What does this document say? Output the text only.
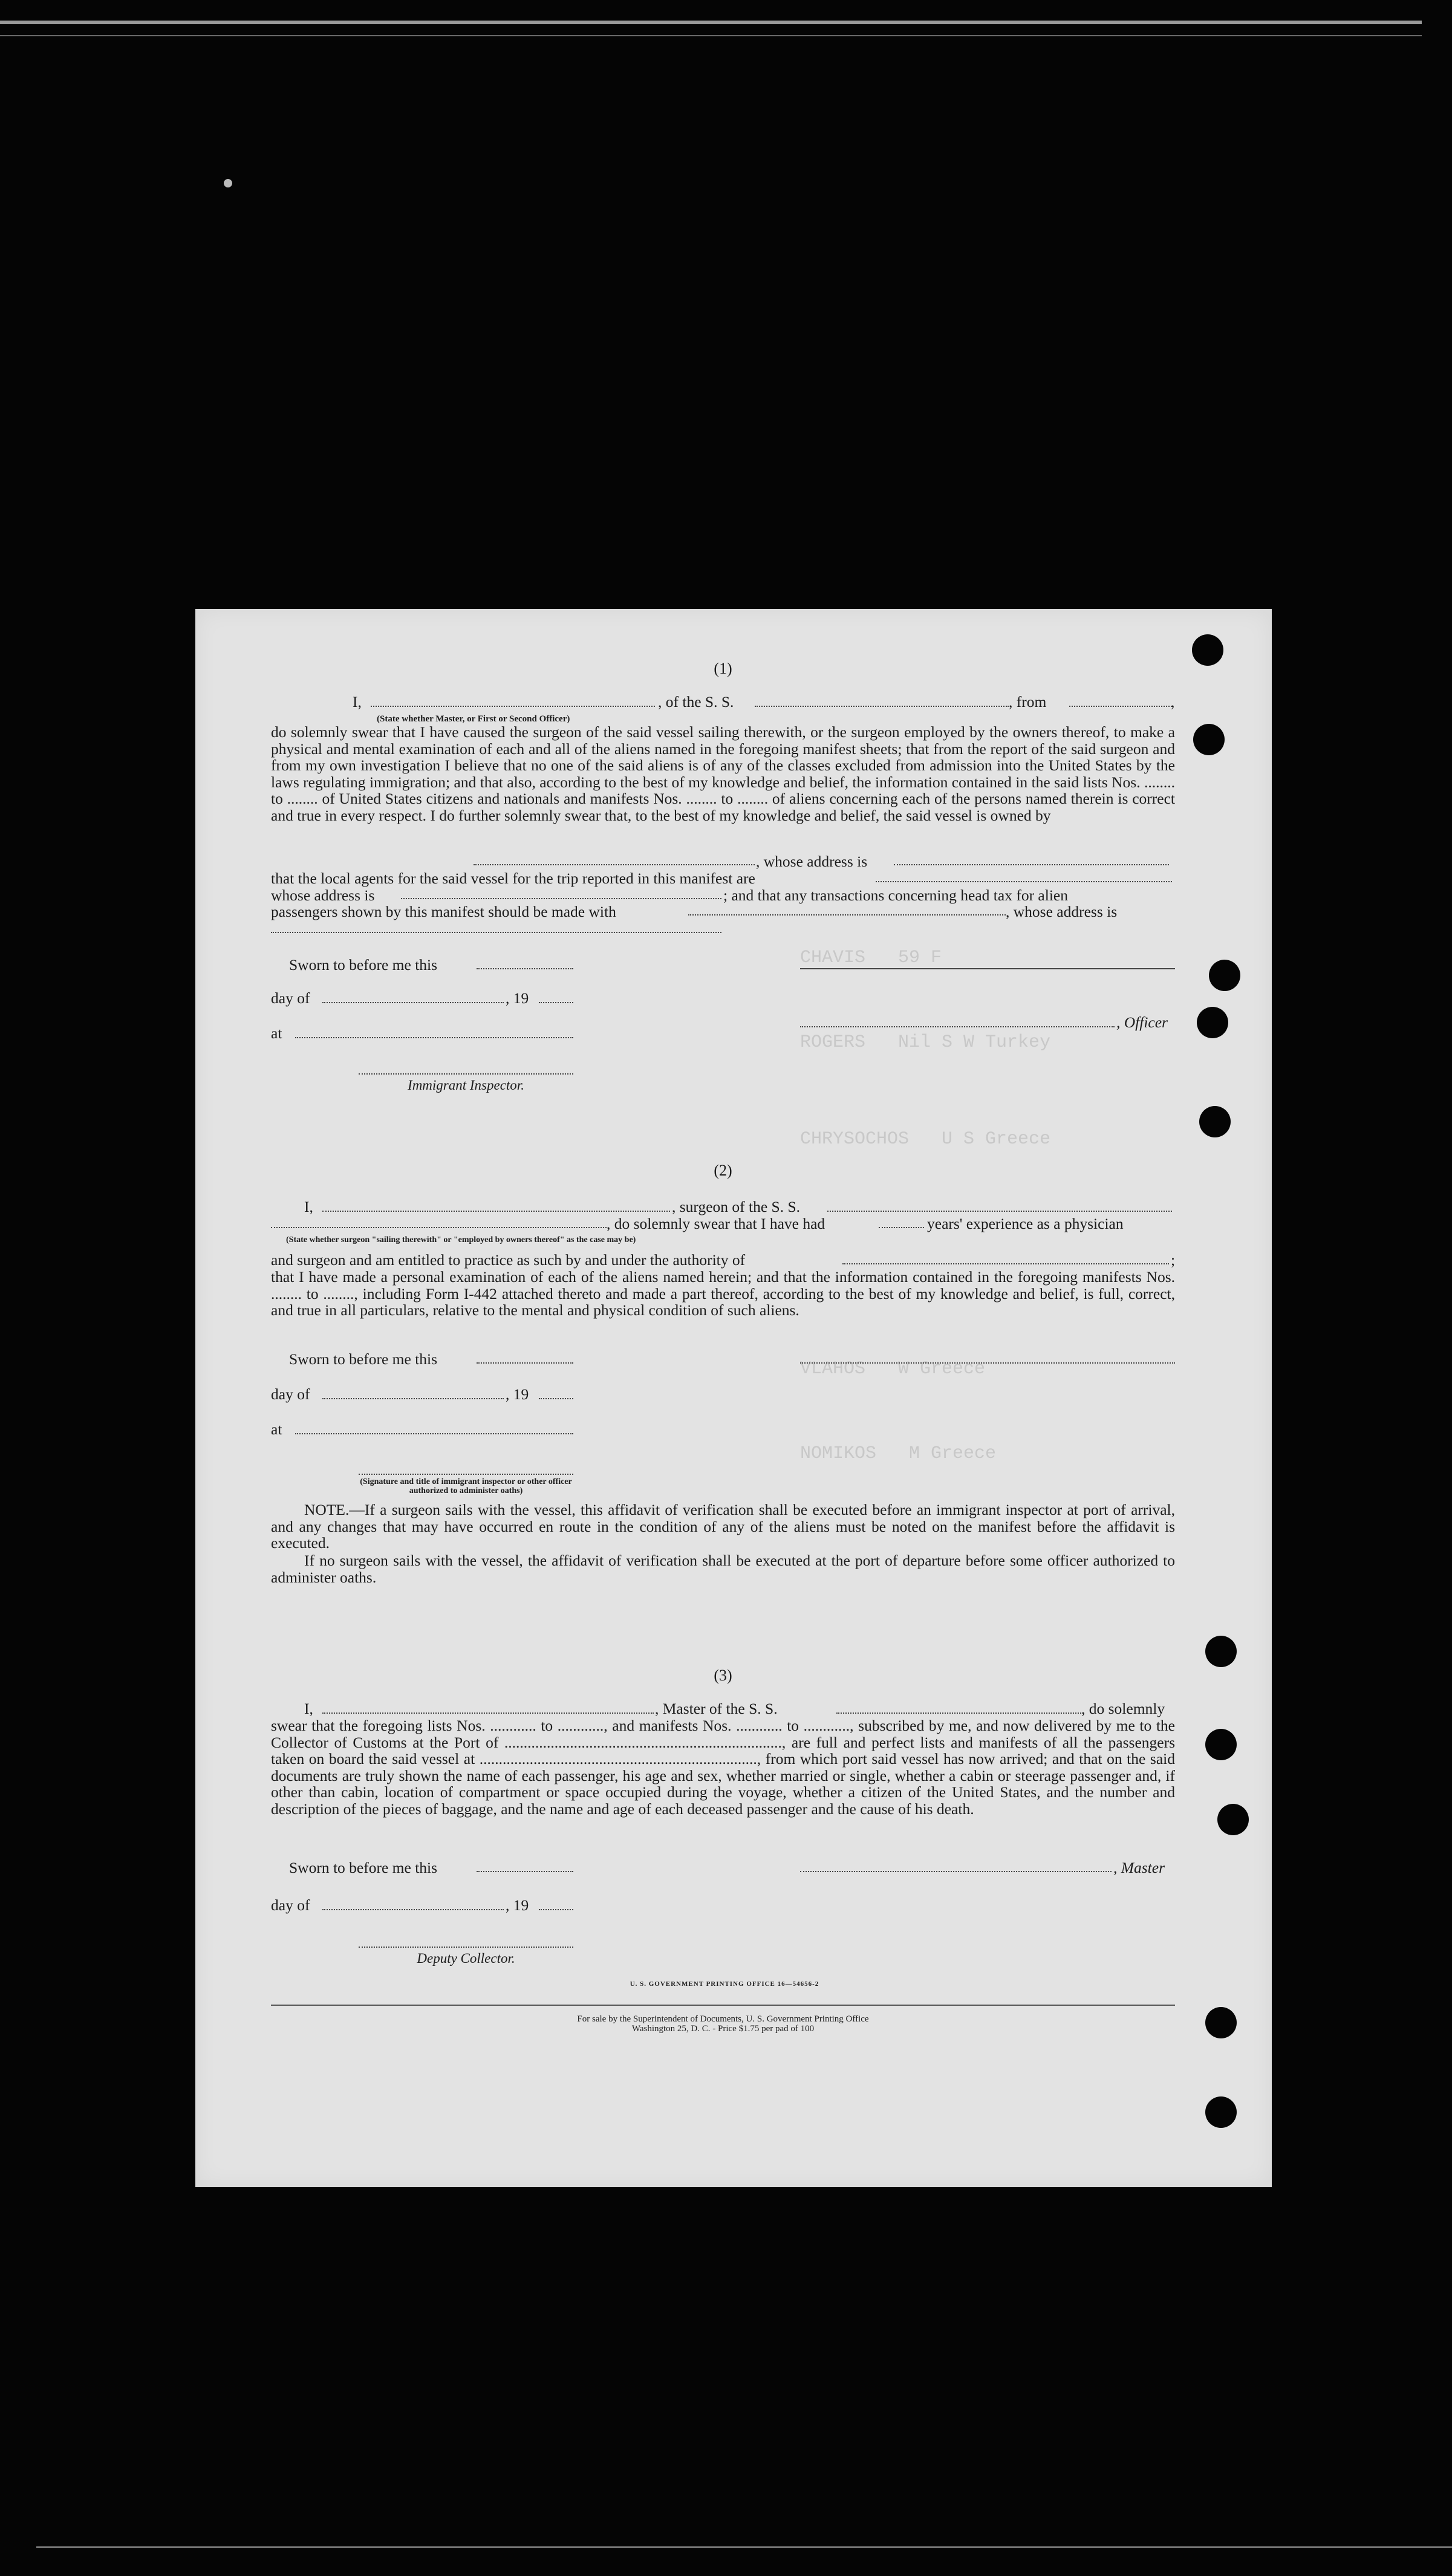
CHAVIS   59 F
ROGERS   Nil S W Turkey
CHRYSOCHOS   U S Greece
VLAHOS   W Greece
NOMIKOS   M Greece
(1)
I,	, of the S. S.	, from	,
(State whether Master, or First or Second Officer)
do solemnly swear that I have caused the surgeon of the said vessel sailing therewith, or the surgeon employed by the owners thereof, to make a physical and mental examination of each and all of the aliens named in the foregoing manifest sheets; that from the report of the said surgeon and from my own investigation I believe that no one of the said aliens is of any of the classes excluded from admission into the United States by the laws regulating immigration; and that also, according to the best of my knowledge and belief, the information contained in the said lists Nos. ........ to ........ of United States citizens and nationals and manifests Nos. ........ to ........ of aliens concerning each of the persons named therein is correct and true in every respect. I do further solemnly swear that, to the best of my knowledge and belief, the said vessel is owned by
, whose address is
that the local agents for the said vessel for the trip reported in this manifest are
whose address is	; and that any transactions concerning head tax for alien
passengers shown by this manifest should be made with	, whose address is
Sworn to before me this
day of	, 19
, Officer
at
Immigrant Inspector.
(2)
I,	, surgeon of the S. S.
, do solemnly swear that I have had	years' experience as a physician
(State whether surgeon "sailing therewith" or "employed by owners thereof" as the case may be)
and surgeon and am entitled to practice as such by and under the authority of	;
that I have made a personal examination of each of the aliens named herein; and that the information contained in the foregoing manifests Nos. ........ to ........, including Form I-442 attached thereto and made a part thereof, according to the best of my knowledge and belief, is full, correct, and true in all particulars, relative to the mental and physical condition of such aliens.
Sworn to before me this
day of	, 19
at
(Signature and title of immigrant inspector or other officer authorized to administer oaths)
NOTE.—If a surgeon sails with the vessel, this affidavit of verification shall be executed before an immigrant inspector at port of arrival, and any changes that may have occurred en route in the condition of any of the aliens must be noted on the manifest before the affidavit is executed.
If no surgeon sails with the vessel, the affidavit of verification shall be executed at the port of departure before some officer authorized to administer oaths.
(3)
I,	, Master of the S. S.	, do solemnly
swear that the foregoing lists Nos. ............ to ............, and manifests Nos. ............ to ............, subscribed by me, and now delivered by me to the Collector of Customs at the Port of ........................................................................, are full and perfect lists and manifests of all the passengers taken on board the said vessel at ........................................................................, from which port said vessel has now arrived; and that on the said documents are truly shown the name of each passenger, his age and sex, whether married or single, whether a cabin or steerage passenger and, if other than cabin, location of compartment or space occupied during the voyage, whether a citizen of the United States, and the number and description of the pieces of baggage, and the name and age of each deceased passenger and the cause of his death.
Sworn to before me this	, Master
day of	, 19
Deputy Collector.
U. S. GOVERNMENT PRINTING OFFICE 16—54656-2
For sale by the Superintendent of Documents, U. S. Government Printing Office
Washington 25, D. C. - Price $1.75 per pad of 100
